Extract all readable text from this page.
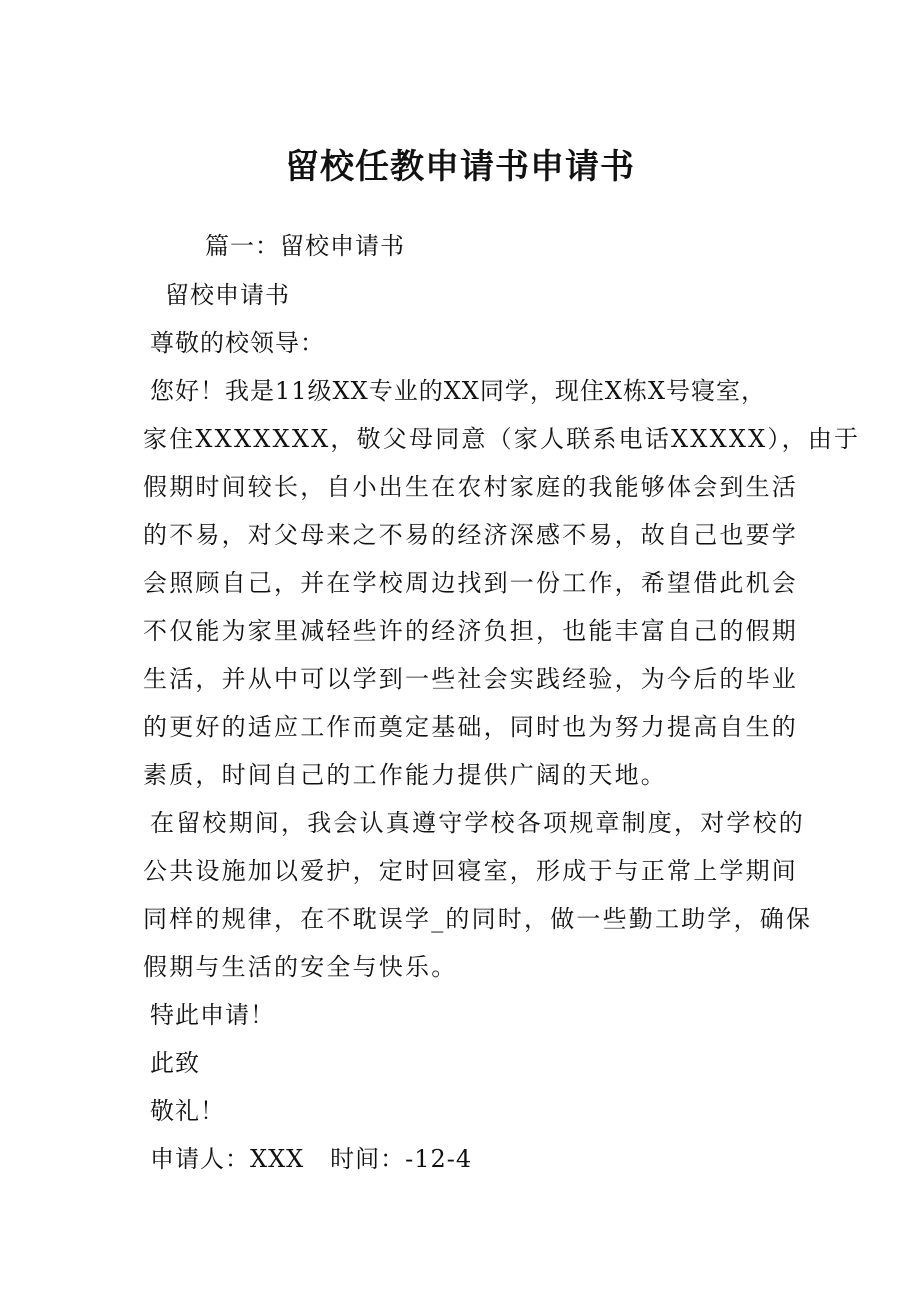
留校任教申请书申请书

篇一：留校申请书

留校申请书

尊敬的校领导：

您好！我是11级XX专业的XX同学，现住X栋X号寝室，

家住XXXXXXX，敬父母同意（家人联系电话XXXXX），由于

假期时间较长，自小出生在农村家庭的我能够体会到生活

的不易，对父母来之不易的经济深感不易，故自己也要学

会照顾自己，并在学校周边找到一份工作，希望借此机会

不仅能为家里减轻些许的经济负担，也能丰富自己的假期

生活，并从中可以学到一些社会实践经验，为今后的毕业

的更好的适应工作而奠定基础，同时也为努力提高自生的

素质，时间自己的工作能力提供广阔的天地。

在留校期间，我会认真遵守学校各项规章制度，对学校的

公共设施加以爱护，定时回寝室，形成于与正常上学期间

同样的规律，在不耽误学_的同时，做一些勤工助学，确保

假期与生活的安全与快乐。

特此申请！

此致

敬礼！

申请人：XXX   时间：-12-4
